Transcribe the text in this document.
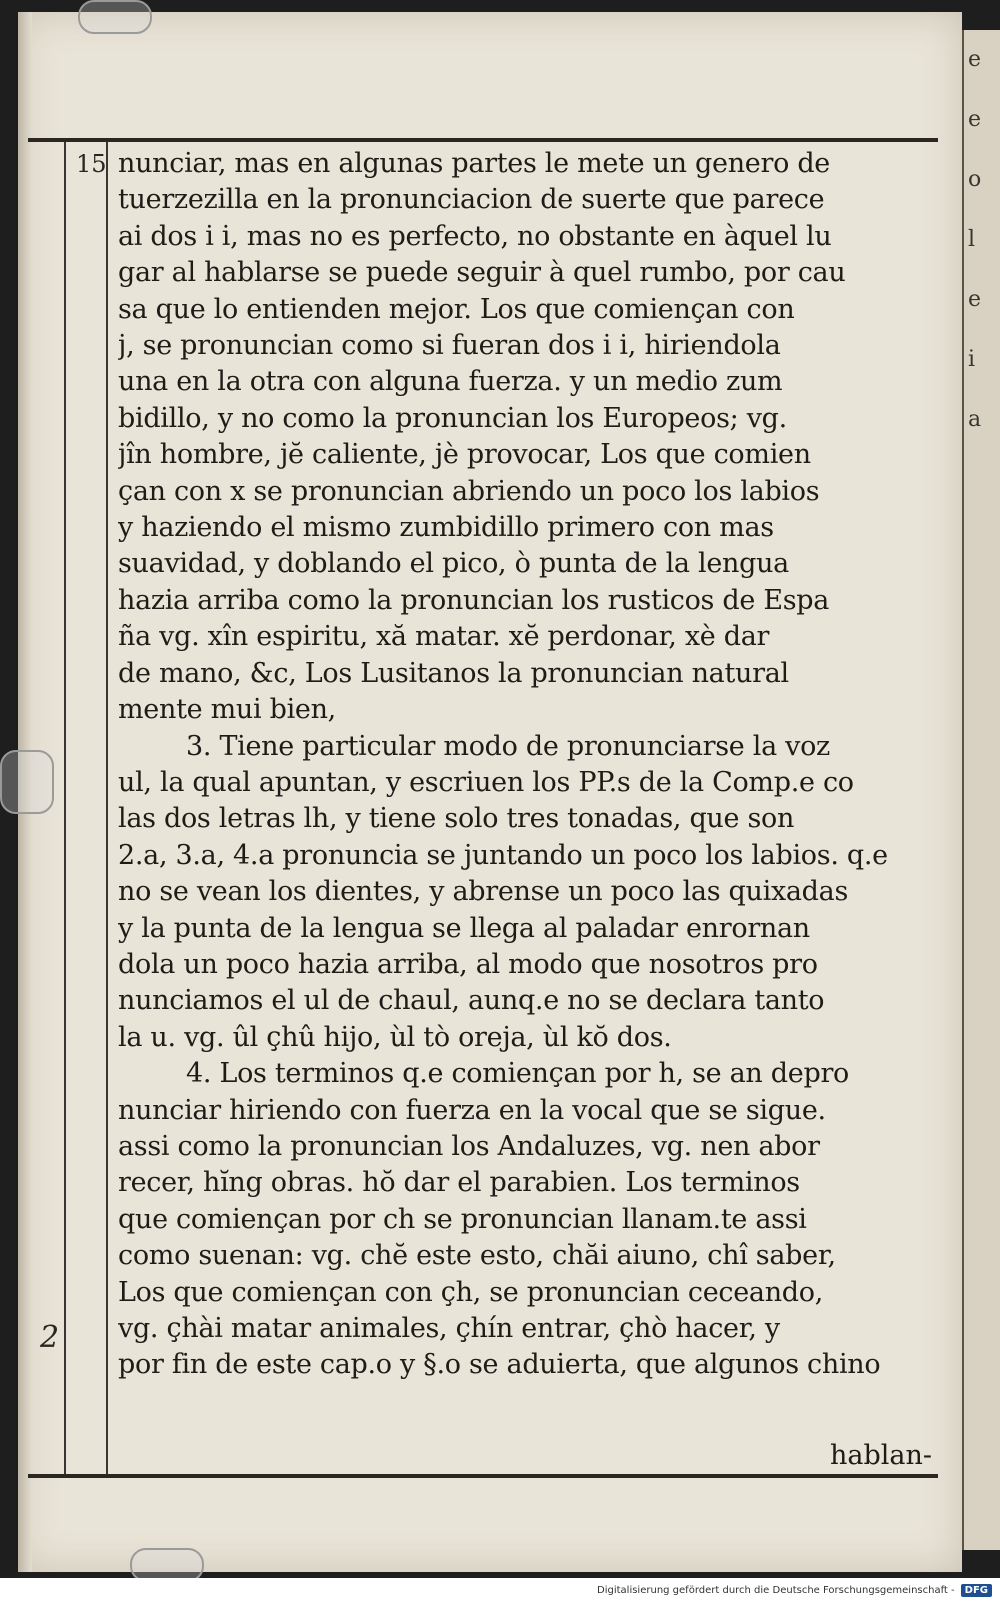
e
e
o
l
e
i
a
15
2
nunciar, mas en algunas partes le mete un genero de
tuerzezilla en la pronunciacion de suerte que parece
ai dos i i, mas no es perfecto, no obstante en àquel lu
gar al hablarse se puede seguir à quel rumbo, por cau
sa que lo entienden mejor. Los que comiençan con
j, se pronuncian como si fueran dos i i, hiriendola
una en la otra con alguna fuerza. y un medio zum
bidillo, y no como la pronuncian los Europeos; vg.
jîn hombre, jĕ caliente, jè provocar, Los que comien
çan con x se pronuncian abriendo un poco los labios
y haziendo el mismo zumbidillo primero con mas
suavidad, y doblando el pico, ò punta de la lengua
hazia arriba como la pronuncian los rusticos de Espa
ña vg. xîn espiritu, xă matar. xĕ perdonar, xè dar
de mano, &c, Los Lusitanos la pronuncian natural
mente mui bien,
3. Tiene particular modo de pronunciarse la voz
ul, la qual apuntan, y escriuen los PP.s de la Comp.e co
las dos letras lh, y tiene solo tres tonadas, que son
2.a, 3.a, 4.a pronuncia se juntando un poco los labios. q.e
no se vean los dientes, y abrense un poco las quixadas
y la punta de la lengua se llega al paladar enrornan
dola un poco hazia arriba, al modo que nosotros pro
nunciamos el ul de chaul, aunq.e no se declara tanto
la u. vg. ûl çhû hijo, ùl tò oreja, ùl kŏ dos.
4. Los terminos q.e comiençan por h, se an depro
nunciar hiriendo con fuerza en la vocal que se sigue.
assi como la pronuncian los Andaluzes, vg. nen abor
recer, hĭng obras. hŏ dar el parabien. Los terminos
que comiençan por ch se pronuncian llanam.te assi
como suenan: vg. chĕ este esto, chăi aiuno, chî saber,
Los que comiençan con çh, se pronuncian ceceando,
vg. çhài matar animales, çhín entrar, çhò hacer, y
por fin de este cap.o y §.o se aduierta, que algunos chino
hablan-
Digitalisierung gefördert durch die Deutsche Forschungsgemeinschaft -	DFG
